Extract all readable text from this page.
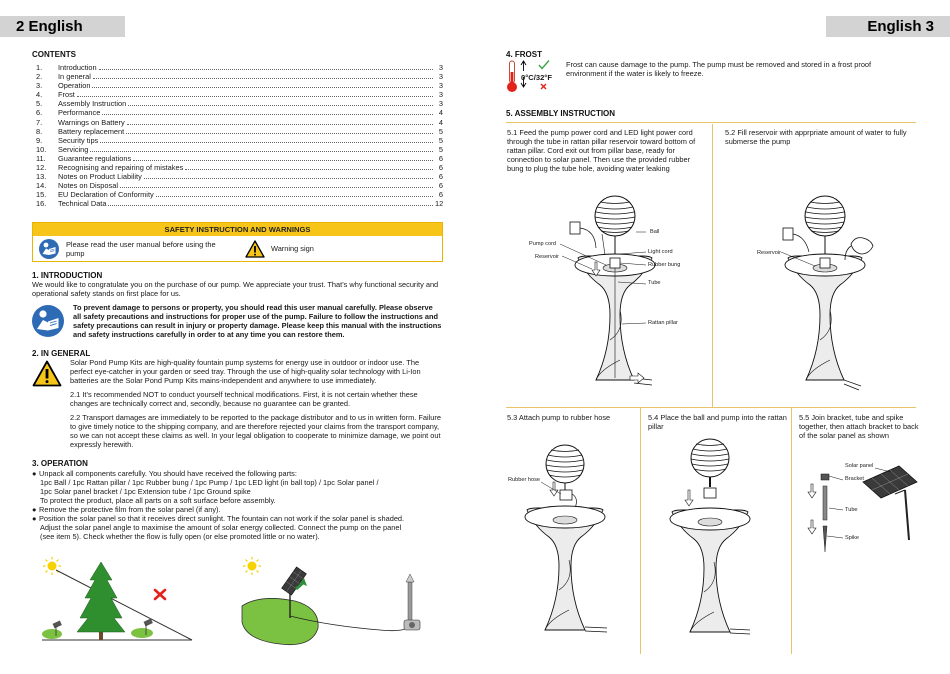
2 English	English 3
CONTENTS
1.	Introduction	3
2.	In general	3
3.	Operation	3
4.	Frost	3
5.	Assembly Instruction	3
6.	Performance	4
7.	Warnings on Battery	4
8.	Battery replacement	5
9.	Security tips	5
10.	Servicing	5
11.	Guarantee regulations	6
12.	Recognising and repairing of mistakes	6
13.	Notes on Product Liability	6
14.	Notes on Disposal	6
15.	EU Declaration of Conformity	6
16.	Technical Data	12
SAFETY INSTRUCTION AND WARNINGS
Please read the user manual before using the pump
Warning sign
1. INTRODUCTION
We would like to congratulate you on the purchase of our pump. We appreciate your trust. That’s why functional security and operational safety stands on first place for us.
To prevent damage to persons or property, you should read this user manual carefully. Please observe all safety precautions and instructions for proper use of the pump. Failure to follow the instructions and safety precautions can result in injury or property damage. Please keep this manual with the instructions and safety instructions carefully in order to at any time you can restore them.
2. IN GENERAL
Solar Pond Pump Kits are high-quality fountain pump systems for energy use in outdoor or indoor use. The perfect eye-catcher in your garden or seed tray. Through the use of high-quality solar technology with Li-Ion batteries are the Solar Pond Pump Kits mains-independent and anywhere to use immediately.
2.1 It’s recommended NOT to conduct yourself technical modifications. First, it is not certain whether these changes are technically correct and, secondly, because no guarantee can be granted.
2.2 Transport damages are immediately to be reported to the package distributor and to us in written form. Failure to give timely notice to the shipping company, and are therefore rejected your claims from the transport company, so we can not accept these claims as well. In your legal obligation to cooperate to minimize damage, we point out expressly herewith.
3. OPERATION
● Unpack all components carefully. You should have received the following parts:
1pc Ball / 1pc Rattan pillar / 1pc Rubber bung / 1pc Pump / 1pc LED light (in ball top) / 1pc Solar panel /
1pc Solar panel bracket / 1pc Extension tube / 1pc Ground spike
To protect the product, place all parts on a soft surface before assembly.
● Remove the protective film from the solar panel (if any).
● Position the solar panel so that it receives direct sunlight. The fountain can not work if the solar panel is shaded.
Adjust the solar panel angle to maximise the amount of solar energy collected. Connect the pump on the panel
(see item 5). Check whether the flow is fully open (or else promoted little or no water).
4. FROST
0°C/32°F
Frost can cause damage to the pump. The pump must be removed and stored in a frost proof environment if the water is likely to freeze.
5. ASSEMBLY INSTRUCTION
5.1 Feed the pump power cord and LED light power cord through the tube in rattan pillar reservoir toward bottom of rattan pillar. Cord exit out from pillar base, ready for connection to solar panel. Then use the provided rubber bung to plug the tube hole, avoiding water leaking
5.2 Fill reservoir with apprpriate amount of water to fully submerse the pump
5.3 Attach pump to rubber hose	5.4 Place the ball and pump into the rattan pillar
5.5 Join bracket, tube and spike together, then attach bracket to back of the solar panel as shown
Ball
Pump cord
Light cord
Reservoir
Rubber bung
Tube
Rattan pillar
Reservoir
Rubber hose
Solar panel
Bracket
Tube
Spike
